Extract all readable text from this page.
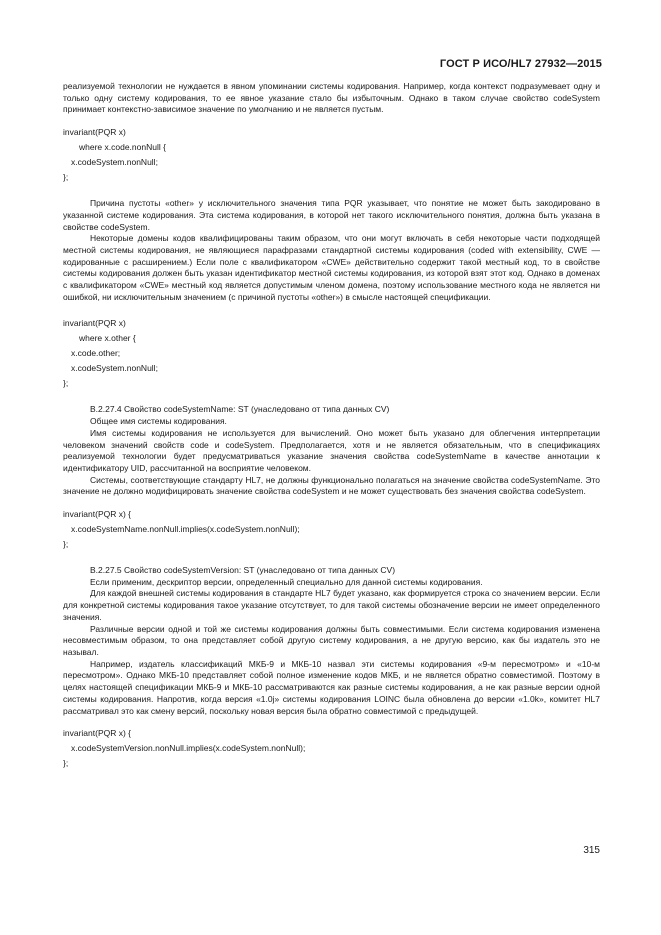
ГОСТ Р ИСО/HL7 27932—2015

реализуемой технологии не нуждается в явном упоминании системы кодирования. Например, когда контекст подразумевает одну и только одну систему кодирования, то ее явное указание стало бы избыточным. Однако в таком случае свойство codeSystem принимает контекстно-зависимое значение по умолчанию и не является пустым.

invariant(PQR x)
where x.code.nonNull {
x.codeSystem.nonNull;
};

Причина пустоты «other» у исключительного значения типа PQR указывает, что понятие не может быть закодировано в указанной системе кодирования. Эта система кодирования, в которой нет такого исключительного понятия, должна быть указана в свойстве codeSystem.

Некоторые домены кодов квалифицированы таким образом, что они могут включать в себя некоторые части подходящей местной системы кодирования, не являющиеся парафразами стандартной системы кодирования (coded with extensibility, CWE — кодированные с расширением.) Если поле с квалификатором «CWE» действительно содержит такой местный код, то в свойстве системы кодирования должен быть указан идентификатор местной системы кодирования, из которой взят этот код. Однако в доменах с квалификатором «CWE» местный код является допустимым членом домена, поэтому использование местного кода не является ни ошибкой, ни исключительным значением (с причиной пустоты «other») в смысле настоящей спецификации.

invariant(PQR x)
where x.other {
x.code.other;
x.codeSystem.nonNull;
};

B.2.27.4 Свойство codeSystemName: ST (унаследовано от типа данных CV)

Общее имя системы кодирования.

Имя системы кодирования не используется для вычислений. Оно может быть указано для облегчения интерпретации человеком значений свойств code и codeSystem. Предполагается, хотя и не является обязательным, что в спецификациях реализуемой технологии будет предусматриваться указание значения свойства codeSystemName в качестве аннотации к идентификатору UID, рассчитанной на восприятие человеком.

Системы, соответствующие стандарту HL7, не должны функционально полагаться на значение свойства codeSystemName. Это значение не должно модифицировать значение свойства codeSystem и не может существовать без значения свойства codeSystem.

invariant(PQR x) {
x.codeSystemName.nonNull.implies(x.codeSystem.nonNull);
};

B.2.27.5 Свойство codeSystemVersion: ST (унаследовано от типа данных CV)

Если применим, дескриптор версии, определенный специально для данной системы кодирования.

Для каждой внешней системы кодирования в стандарте HL7 будет указано, как формируется строка со значением версии. Если для конкретной системы кодирования такое указание отсутствует, то для такой системы обозначение версии не имеет определенного значения.

Различные версии одной и той же системы кодирования должны быть совместимыми. Если система кодирования изменена несовместимым образом, то она представляет собой другую систему кодирования, а не другую версию, как бы издатель это не называл.

Например, издатель классификаций МКБ-9 и МКБ-10 назвал эти системы кодирования «9-м пересмотром» и «10-м пересмотром». Однако МКБ-10 представляет собой полное изменение кодов МКБ, и не является обратно совместимой. Поэтому в целях настоящей спецификации МКБ-9 и МКБ-10 рассматриваются как разные системы кодирования, а не как разные версии одной системы кодирования. Напротив, когда версия «1.0j» системы кодирования LOINC была обновлена до версии «1.0k», комитет HL7 рассматривал это как смену версий, поскольку новая версия была обратно совместимой с предыдущей.

invariant(PQR x) {
x.codeSystemVersion.nonNull.implies(x.codeSystem.nonNull);
};
315
